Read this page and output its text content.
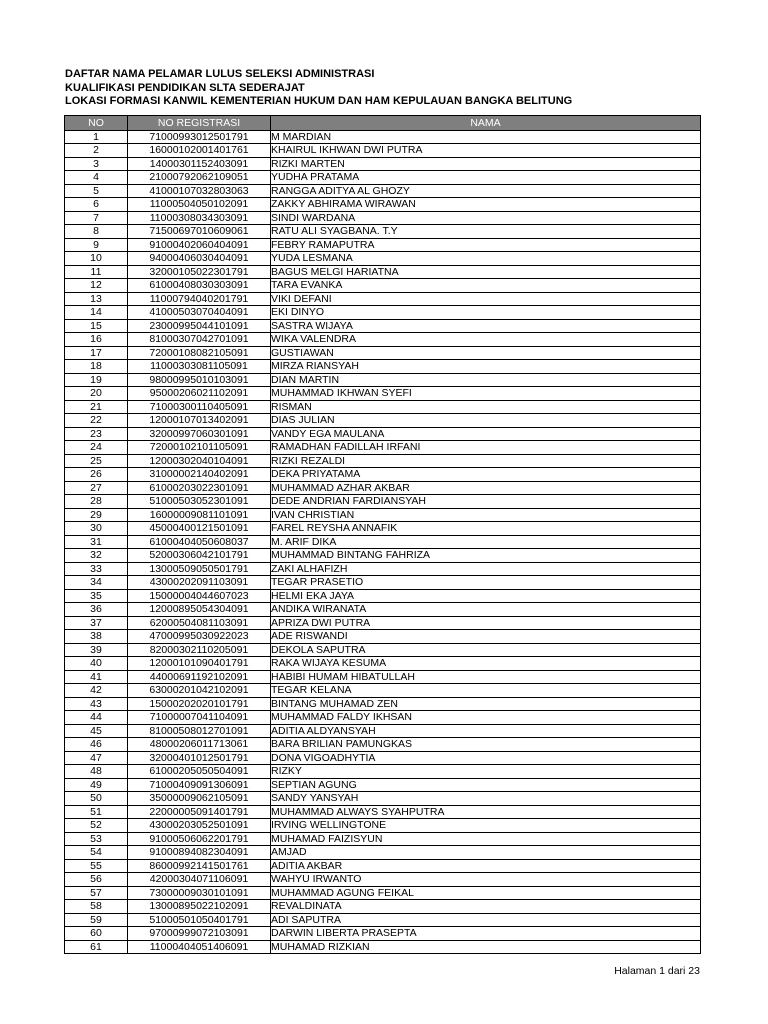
DAFTAR NAMA PELAMAR LULUS SELEKSI ADMINISTRASI
KUALIFIKASI PENDIDIKAN SLTA SEDERAJAT
LOKASI FORMASI KANWIL KEMENTERIAN HUKUM DAN HAM KEPULAUAN BANGKA BELITUNG
NO	NO REGISTRASI	NAMA
1	71000993012501791	M MARDIAN
2	16000102001401761	KHAIRUL IKHWAN DWI PUTRA
3	14000301152403091	RIZKI MARTEN
4	21000792062109051	YUDHA PRATAMA
5	41000107032803063	RANGGA ADITYA AL GHOZY
6	11000504050102091	ZAKKY ABHIRAMA WIRAWAN
7	11000308034303091	SINDI WARDANA
8	71500697010609061	RATU ALI SYAGBANA. T.Y
9	91000402060404091	FEBRY RAMAPUTRA
10	94000406030404091	YUDA LESMANA
11	32000105022301791	BAGUS MELGI HARIATNA
12	61000408030303091	TARA EVANKA
13	11000794040201791	VIKI DEFANI
14	41000503070404091	EKI DINYO
15	23000995044101091	SASTRA WIJAYA
16	81000307042701091	WIKA VALENDRA
17	72000108082105091	GUSTIAWAN
18	11000303081105091	MIRZA RIANSYAH
19	98000995010103091	DIAN MARTIN
20	95000206021102091	MUHAMMAD IKHWAN SYEFI
21	71000300110405091	RISMAN
22	12000107013402091	DIAS JULIAN
23	32000997060301091	VANDY EGA MAULANA
24	72000102101105091	RAMADHAN FADILLAH IRFANI
25	12000302040104091	RIZKI REZALDI
26	31000002140402091	DEKA PRIYATAMA
27	61000203022301091	MUHAMMAD AZHAR AKBAR
28	51000503052301091	DEDE ANDRIAN FARDIANSYAH
29	16000009081101091	IVAN CHRISTIAN
30	45000400121501091	FAREL REYSHA ANNAFIK
31	61000404050608037	M. ARIF DIKA
32	52000306042101791	MUHAMMAD BINTANG FAHRIZA
33	13000509050501791	ZAKI ALHAFIZH
34	43000202091103091	TEGAR PRASETIO
35	15000004044607023	HELMI EKA JAYA
36	12000895054304091	ANDIKA WIRANATA
37	62000504081103091	APRIZA DWI PUTRA
38	47000995030922023	ADE RISWANDI
39	82000302110205091	DEKOLA SAPUTRA
40	12000101090401791	RAKA WIJAYA KESUMA
41	44000691192102091	HABIBI HUMAM HIBATULLAH
42	63000201042102091	TEGAR KELANA
43	15000202020101791	BINTANG MUHAMAD ZEN
44	71000007041104091	MUHAMMAD FALDY IKHSAN
45	81000508012701091	ADITIA ALDYANSYAH
46	48000206011713061	BARA BRILIAN PAMUNGKAS
47	32000401012501791	DONA VIGOADHYTIA
48	61000205050504091	RIZKY
49	71000409091306091	SEPTIAN AGUNG
50	35000009062105091	SANDY YANSYAH
51	22000005091401791	MUHAMMAD ALWAYS SYAHPUTRA
52	43000203052501091	IRVING WELLINGTONE
53	91000506062201791	MUHAMAD FAIZISYUN
54	91000894082304091	AMJAD
55	86000992141501761	ADITIA AKBAR
56	42000304071106091	WAHYU IRWANTO
57	73000009030101091	MUHAMMAD AGUNG FEIKAL
58	13000895022102091	REVALDINATA
59	51000501050401791	ADI SAPUTRA
60	97000999072103091	DARWIN LIBERTA PRASEPTA
61	11000404051406091	MUHAMAD RIZKIAN
Halaman 1 dari 23
